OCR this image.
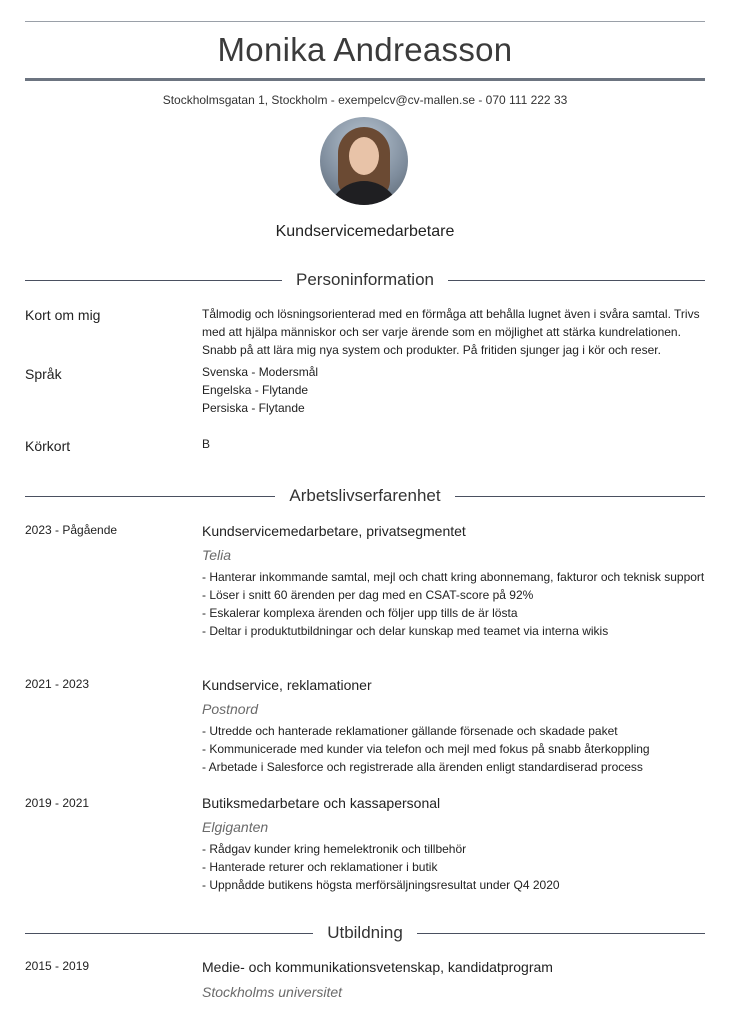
Monika Andreasson
Stockholmsgatan 1, Stockholm - exempelcv@cv-mallen.se - 070 111 222 33
Kundservicemedarbetare
Personinformation
Kort om mig	Tålmodig och lösningsorienterad med en förmåga att behålla lugnet även i svåra samtal. Trivs med att hjälpa människor och ser varje ärende som en möjlighet att stärka kundrelationen. Snabb på att lära mig nya system och produkter. På fritiden sjunger jag i kör och reser.
Språk	Svenska - Modersmål
Engelska - Flytande
Persiska - Flytande
Körkort	B
Arbetslivserfarenhet
2023 - Pågående	Kundservicemedarbetare, privatsegmentet
Telia
- Hanterar inkommande samtal, mejl och chatt kring abonnemang, fakturor och teknisk support
- Löser i snitt 60 ärenden per dag med en CSAT-score på 92%
- Eskalerar komplexa ärenden och följer upp tills de är lösta
- Deltar i produktutbildningar och delar kunskap med teamet via interna wikis
2021 - 2023	Kundservice, reklamationer
Postnord
- Utredde och hanterade reklamationer gällande försenade och skadade paket
- Kommunicerade med kunder via telefon och mejl med fokus på snabb återkoppling
- Arbetade i Salesforce och registrerade alla ärenden enligt standardiserad process
2019 - 2021	Butiksmedarbetare och kassapersonal
Elgiganten
- Rådgav kunder kring hemelektronik och tillbehör
- Hanterade returer och reklamationer i butik
- Uppnådde butikens högsta merförsäljningsresultat under Q4 2020
Utbildning
2015 - 2019	Medie- och kommunikationsvetenskap, kandidatprogram
Stockholms universitet
